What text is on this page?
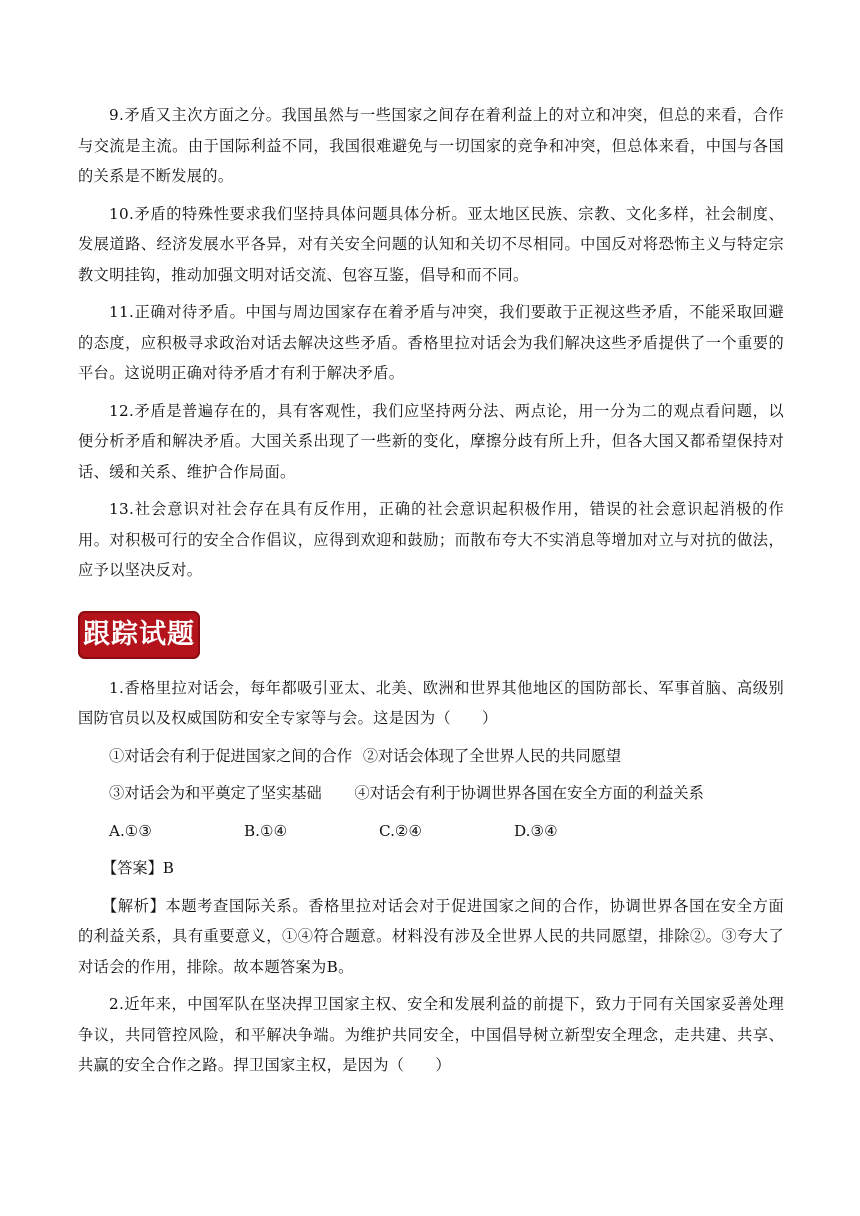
9.矛盾又主次方面之分。我国虽然与一些国家之间存在着利益上的对立和冲突，但总的来看，合作与交流是主流。由于国际利益不同，我国很难避免与一切国家的竞争和冲突，但总体来看，中国与各国的关系是不断发展的。

10.矛盾的特殊性要求我们坚持具体问题具体分析。亚太地区民族、宗教、文化多样，社会制度、发展道路、经济发展水平各异，对有关安全问题的认知和关切不尽相同。中国反对将恐怖主义与特定宗教文明挂钩，推动加强文明对话交流、包容互鉴，倡导和而不同。

11.正确对待矛盾。中国与周边国家存在着矛盾与冲突，我们要敢于正视这些矛盾，不能采取回避的态度，应积极寻求政治对话去解决这些矛盾。香格里拉对话会为我们解决这些矛盾提供了一个重要的平台。这说明正确对待矛盾才有利于解决矛盾。

12.矛盾是普遍存在的，具有客观性，我们应坚持两分法、两点论，用一分为二的观点看问题，以便分析矛盾和解决矛盾。大国关系出现了一些新的变化，摩擦分歧有所上升，但各大国又都希望保持对话、缓和关系、维护合作局面。

13.社会意识对社会存在具有反作用，正确的社会意识起积极作用，错误的社会意识起消极的作用。对积极可行的安全合作倡议，应得到欢迎和鼓励；而散布夸大不实消息等增加对立与对抗的做法，应予以坚决反对。

跟踪试题

1.香格里拉对话会，每年都吸引亚太、北美、欧洲和世界其他地区的国防部长、军事首脑、高级别国防官员以及权威国防和安全专家等与会。这是因为（　　）

①对话会有利于促进国家之间的合作 ②对话会体现了全世界人民的共同愿望
③对话会为和平奠定了坚实基础 ④对话会有利于协调世界各国在安全方面的利益关系
A.①③	B.①④	C.②④	D.③④
【答案】B

【解析】本题考查国际关系。香格里拉对话会对于促进国家之间的合作，协调世界各国在安全方面的利益关系，具有重要意义，①④符合题意。材料没有涉及全世界人民的共同愿望，排除②。③夸大了对话会的作用，排除。故本题答案为B。

2.近年来，中国军队在坚决捍卫国家主权、安全和发展利益的前提下，致力于同有关国家妥善处理争议，共同管控风险，和平解决争端。为维护共同安全，中国倡导树立新型安全理念，走共建、共享、共赢的安全合作之路。捍卫国家主权，是因为（　　）
